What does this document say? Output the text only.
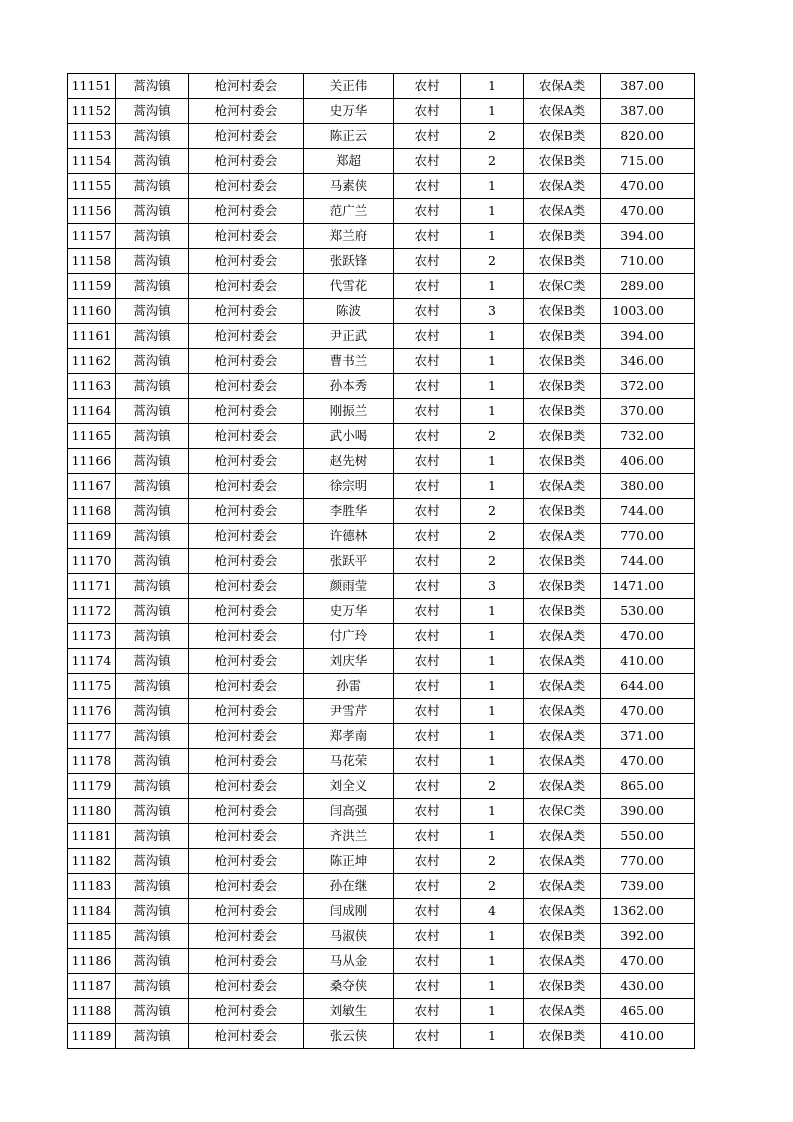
11151	蒿沟镇	枪河村委会	关正伟	农村	1	农保A类	387.00
11152	蒿沟镇	枪河村委会	史万华	农村	1	农保A类	387.00
11153	蒿沟镇	枪河村委会	陈正云	农村	2	农保B类	820.00
11154	蒿沟镇	枪河村委会	郑超	农村	2	农保B类	715.00
11155	蒿沟镇	枪河村委会	马素侠	农村	1	农保A类	470.00
11156	蒿沟镇	枪河村委会	范广兰	农村	1	农保A类	470.00
11157	蒿沟镇	枪河村委会	郑兰府	农村	1	农保B类	394.00
11158	蒿沟镇	枪河村委会	张跃锋	农村	2	农保B类	710.00
11159	蒿沟镇	枪河村委会	代雪花	农村	1	农保C类	289.00
11160	蒿沟镇	枪河村委会	陈波	农村	3	农保B类	1003.00
11161	蒿沟镇	枪河村委会	尹正武	农村	1	农保B类	394.00
11162	蒿沟镇	枪河村委会	曹书兰	农村	1	农保B类	346.00
11163	蒿沟镇	枪河村委会	孙本秀	农村	1	农保B类	372.00
11164	蒿沟镇	枪河村委会	刚振兰	农村	1	农保B类	370.00
11165	蒿沟镇	枪河村委会	武小喝	农村	2	农保B类	732.00
11166	蒿沟镇	枪河村委会	赵先树	农村	1	农保B类	406.00
11167	蒿沟镇	枪河村委会	徐宗明	农村	1	农保A类	380.00
11168	蒿沟镇	枪河村委会	李胜华	农村	2	农保B类	744.00
11169	蒿沟镇	枪河村委会	许德林	农村	2	农保A类	770.00
11170	蒿沟镇	枪河村委会	张跃平	农村	2	农保B类	744.00
11171	蒿沟镇	枪河村委会	颜雨莹	农村	3	农保B类	1471.00
11172	蒿沟镇	枪河村委会	史万华	农村	1	农保B类	530.00
11173	蒿沟镇	枪河村委会	付广玲	农村	1	农保A类	470.00
11174	蒿沟镇	枪河村委会	刘庆华	农村	1	农保A类	410.00
11175	蒿沟镇	枪河村委会	孙雷	农村	1	农保A类	644.00
11176	蒿沟镇	枪河村委会	尹雪芹	农村	1	农保A类	470.00
11177	蒿沟镇	枪河村委会	郑孝南	农村	1	农保A类	371.00
11178	蒿沟镇	枪河村委会	马花荣	农村	1	农保A类	470.00
11179	蒿沟镇	枪河村委会	刘全义	农村	2	农保A类	865.00
11180	蒿沟镇	枪河村委会	闫高强	农村	1	农保C类	390.00
11181	蒿沟镇	枪河村委会	齐洪兰	农村	1	农保A类	550.00
11182	蒿沟镇	枪河村委会	陈正坤	农村	2	农保A类	770.00
11183	蒿沟镇	枪河村委会	孙在继	农村	2	农保A类	739.00
11184	蒿沟镇	枪河村委会	闫成刚	农村	4	农保A类	1362.00
11185	蒿沟镇	枪河村委会	马淑侠	农村	1	农保B类	392.00
11186	蒿沟镇	枪河村委会	马从金	农村	1	农保A类	470.00
11187	蒿沟镇	枪河村委会	桑夺侠	农村	1	农保B类	430.00
11188	蒿沟镇	枪河村委会	刘敏生	农村	1	农保A类	465.00
11189	蒿沟镇	枪河村委会	张云侠	农村	1	农保B类	410.00
